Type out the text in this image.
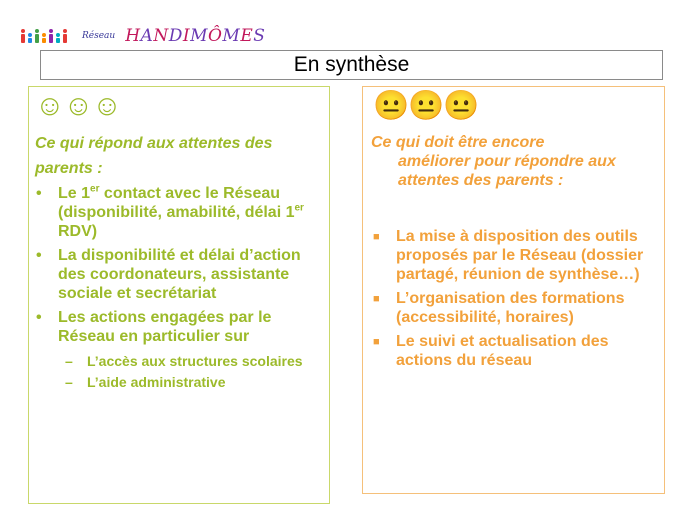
Réseau HANDIMÔMES
En synthèse
☺☺☺
Ce qui répond aux attentes des parents :
• Le 1er contact avec le Réseau (disponibilité, amabilité, délai 1er RDV)
• La disponibilité et délai d’action des coordonateurs, assistante sociale et secrétariat
• Les actions engagées par le Réseau en particulier sur
– L’accès aux structures scolaires
– L’aide administrative
😐😐😐
Ce qui doit être encore
améliorer pour répondre aux attentes des parents :
■ La mise à disposition des outils proposés par le Réseau (dossier partagé, réunion de synthèse…)
■ L’organisation des formations (accessibilité, horaires)
■ Le suivi et actualisation des actions du réseau
